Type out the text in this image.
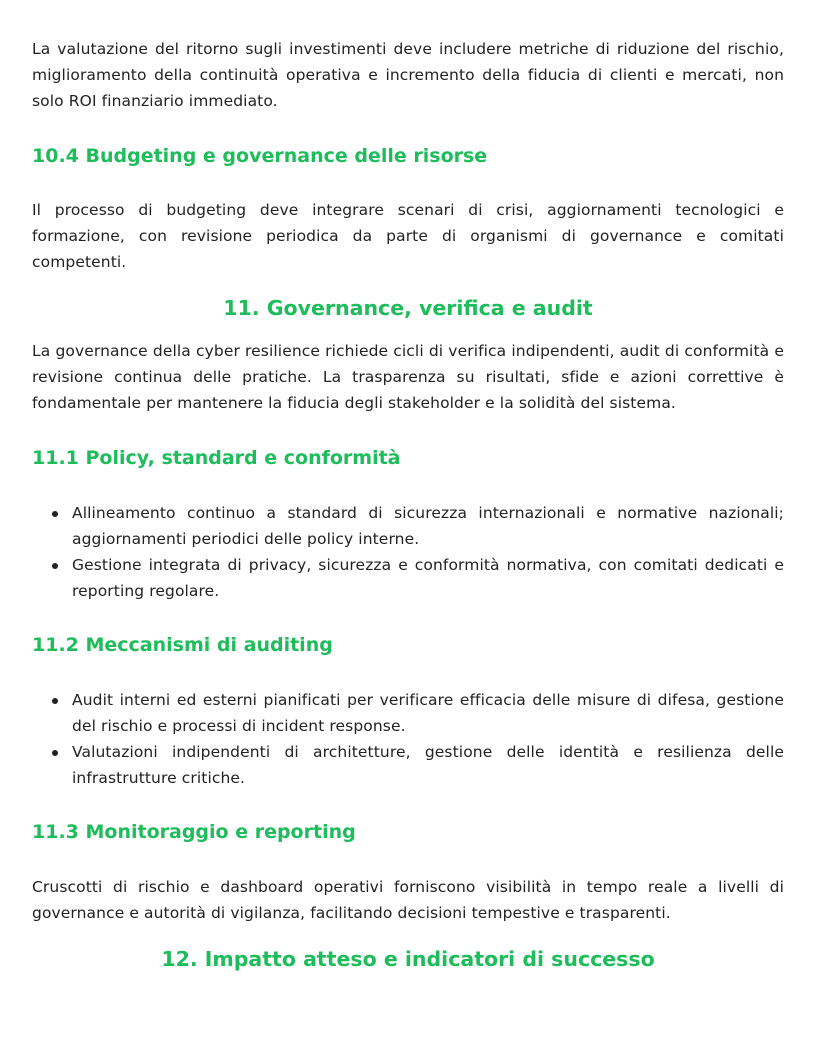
La valutazione del ritorno sugli investimenti deve includere metriche di riduzione del rischio, miglioramento della continuità operativa e incremento della fiducia di clienti e mercati, non solo ROI finanziario immediato.

10.4 Budgeting e governance delle risorse

Il processo di budgeting deve integrare scenari di crisi, aggiornamenti tecnologici e formazione, con revisione periodica da parte di organismi di governance e comitati competenti.

11. Governance, verifica e audit

La governance della cyber resilience richiede cicli di verifica indipendenti, audit di conformità e revisione continua delle pratiche. La trasparenza su risultati, sfide e azioni correttive è fondamentale per mantenere la fiducia degli stakeholder e la solidità del sistema.

11.1 Policy, standard e conformità
Allineamento continuo a standard di sicurezza internazionali e normative nazionali; aggiornamenti periodici delle policy interne.
Gestione integrata di privacy, sicurezza e conformità normativa, con comitati dedicati e reporting regolare.
11.2 Meccanismi di auditing
Audit interni ed esterni pianificati per verificare efficacia delle misure di difesa, gestione del rischio e processi di incident response.
Valutazioni indipendenti di architetture, gestione delle identità e resilienza delle infrastrutture critiche.
11.3 Monitoraggio e reporting

Cruscotti di rischio e dashboard operativi forniscono visibilità in tempo reale a livelli di governance e autorità di vigilanza, facilitando decisioni tempestive e trasparenti.

12. Impatto atteso e indicatori di successo
